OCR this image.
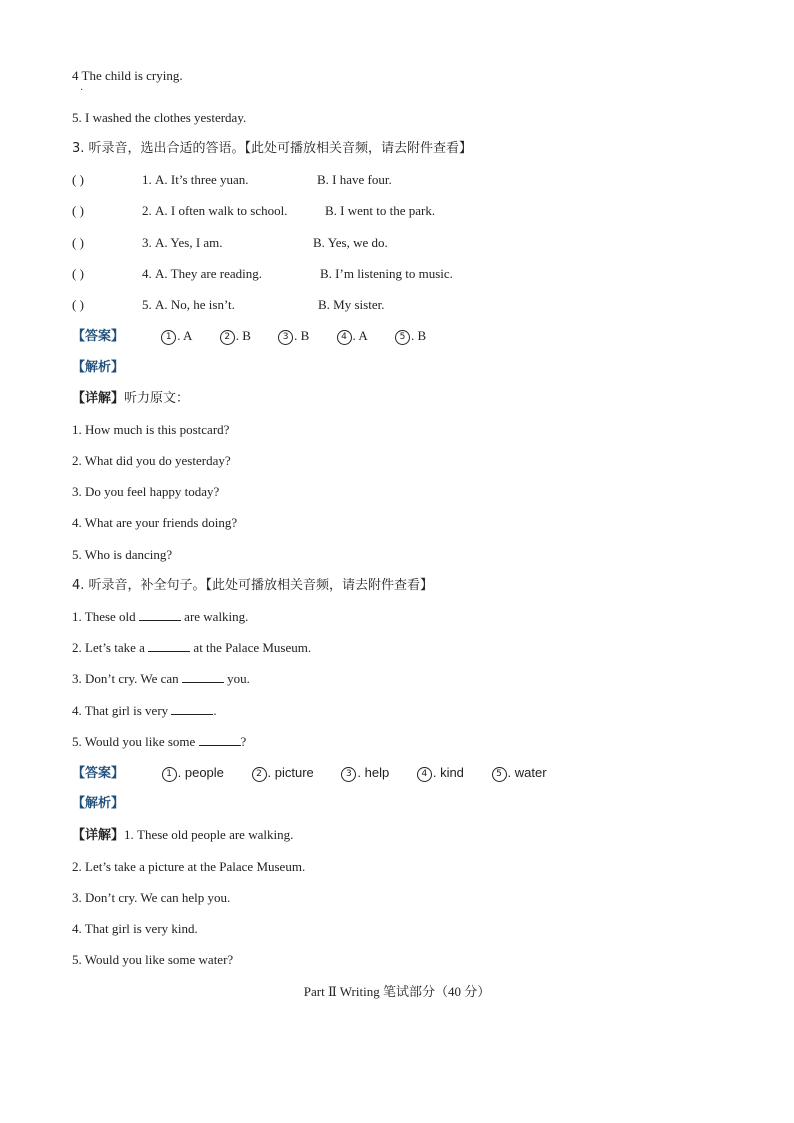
4 The child is crying.
·
5. I washed the clothes yesterday.
3. 听录音，选出合适的答语。【此处可播放相关音频，请去附件查看】
( )	1. A. It’s three yuan.	B. I have four.
( )	2. A. I often walk to school.	B. I went to the park.
( )	3. A. Yes, I am.	B. Yes, we do.
( )	4. A. They are reading.	B. I’m listening to music.
( )	5. A. No, he isn’t.	B. My sister.
【答案】	1 . A	2 . B	3 . B	4 . A	5 . B
【解析】
【详解】听力原文：
1. How much is this postcard?
2. What did you do yesterday?
3. Do you feel happy today?
4. What are your friends doing?
5. Who is dancing?
4. 听录音，补全句子。【此处可播放相关音频，请去附件查看】
1. These old	are walking.
2. Let’s take a	at the Palace Museum.
3. Don’t cry. We can	you.
4. That girl is very	.
5. Would you like some	?
【答案】	1 . people	2 . picture	3 . help	4 . kind	5 . water
【解析】
【详解】1. These old people are walking.
2. Let’s take a picture at the Palace Museum.
3. Don’t cry. We can help you.
4. That girl is very kind.
5. Would you like some water?
Part Ⅱ Writing 笔试部分（40 分）
